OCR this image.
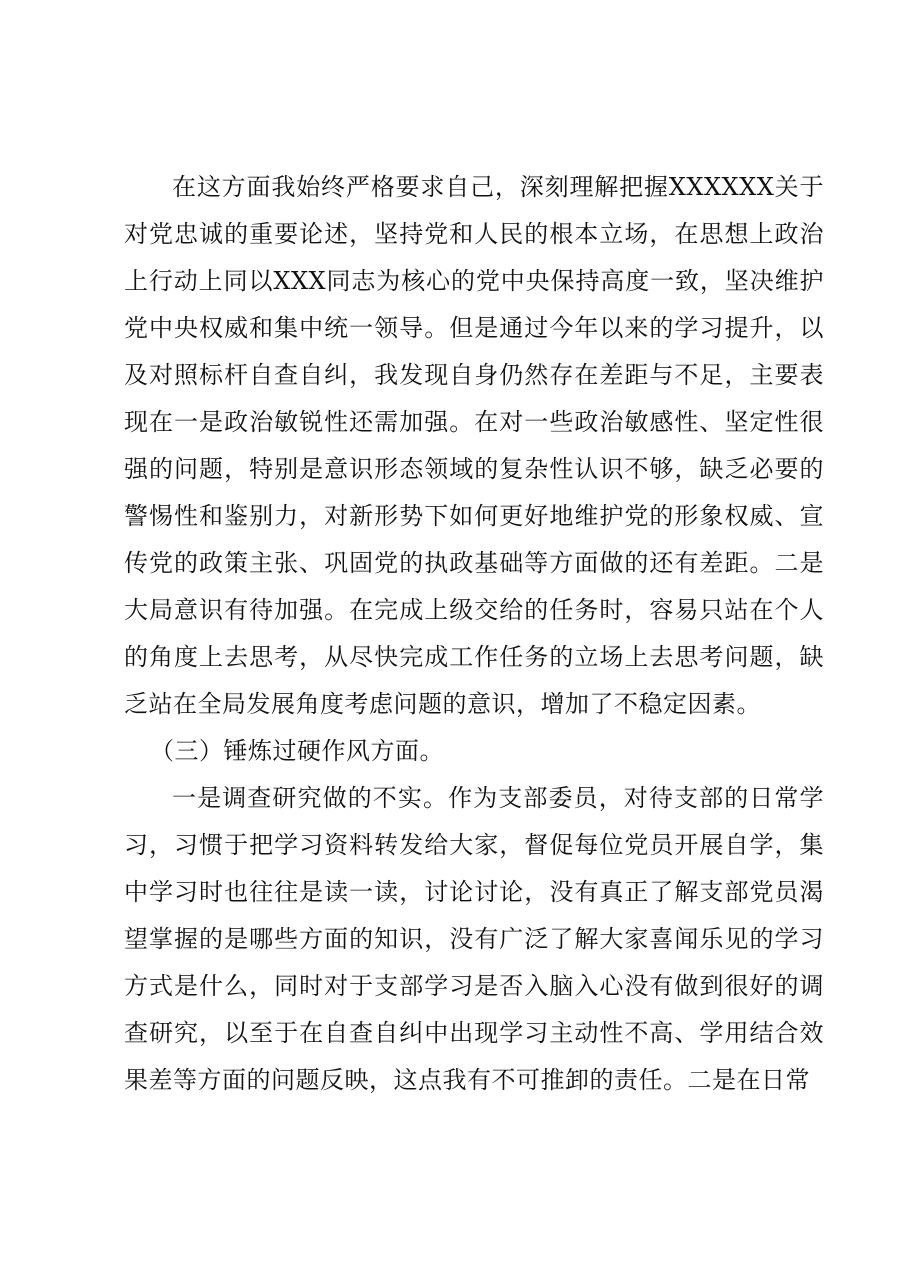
在这方面我始终严格要求自己，深刻理解把握XXXXXX关于对党忠诚的重要论述，坚持党和人民的根本立场，在思想上政治上行动上同以XXX同志为核心的党中央保持高度一致，坚决维护党中央权威和集中统一领导。但是通过今年以来的学习提升，以及对照标杆自查自纠，我发现自身仍然存在差距与不足，主要表现在一是政治敏锐性还需加强。在对一些政治敏感性、坚定性很强的问题，特别是意识形态领域的复杂性认识不够，缺乏必要的警惕性和鉴别力，对新形势下如何更好地维护党的形象权威、宣传党的政策主张、巩固党的执政基础等方面做的还有差距。二是大局意识有待加强。在完成上级交给的任务时，容易只站在个人的角度上去思考，从尽快完成工作任务的立场上去思考问题，缺乏站在全局发展角度考虑问题的意识，增加了不稳定因素。

（三）锤炼过硬作风方面。

一是调查研究做的不实。作为支部委员，对待支部的日常学习，习惯于把学习资料转发给大家，督促每位党员开展自学，集中学习时也往往是读一读，讨论讨论，没有真正了解支部党员渴望掌握的是哪些方面的知识，没有广泛了解大家喜闻乐见的学习方式是什么，同时对于支部学习是否入脑入心没有做到很好的调查研究，以至于在自查自纠中出现学习主动性不高、学用结合效果差等方面的问题反映，这点我有不可推卸的责任。二是在日常
